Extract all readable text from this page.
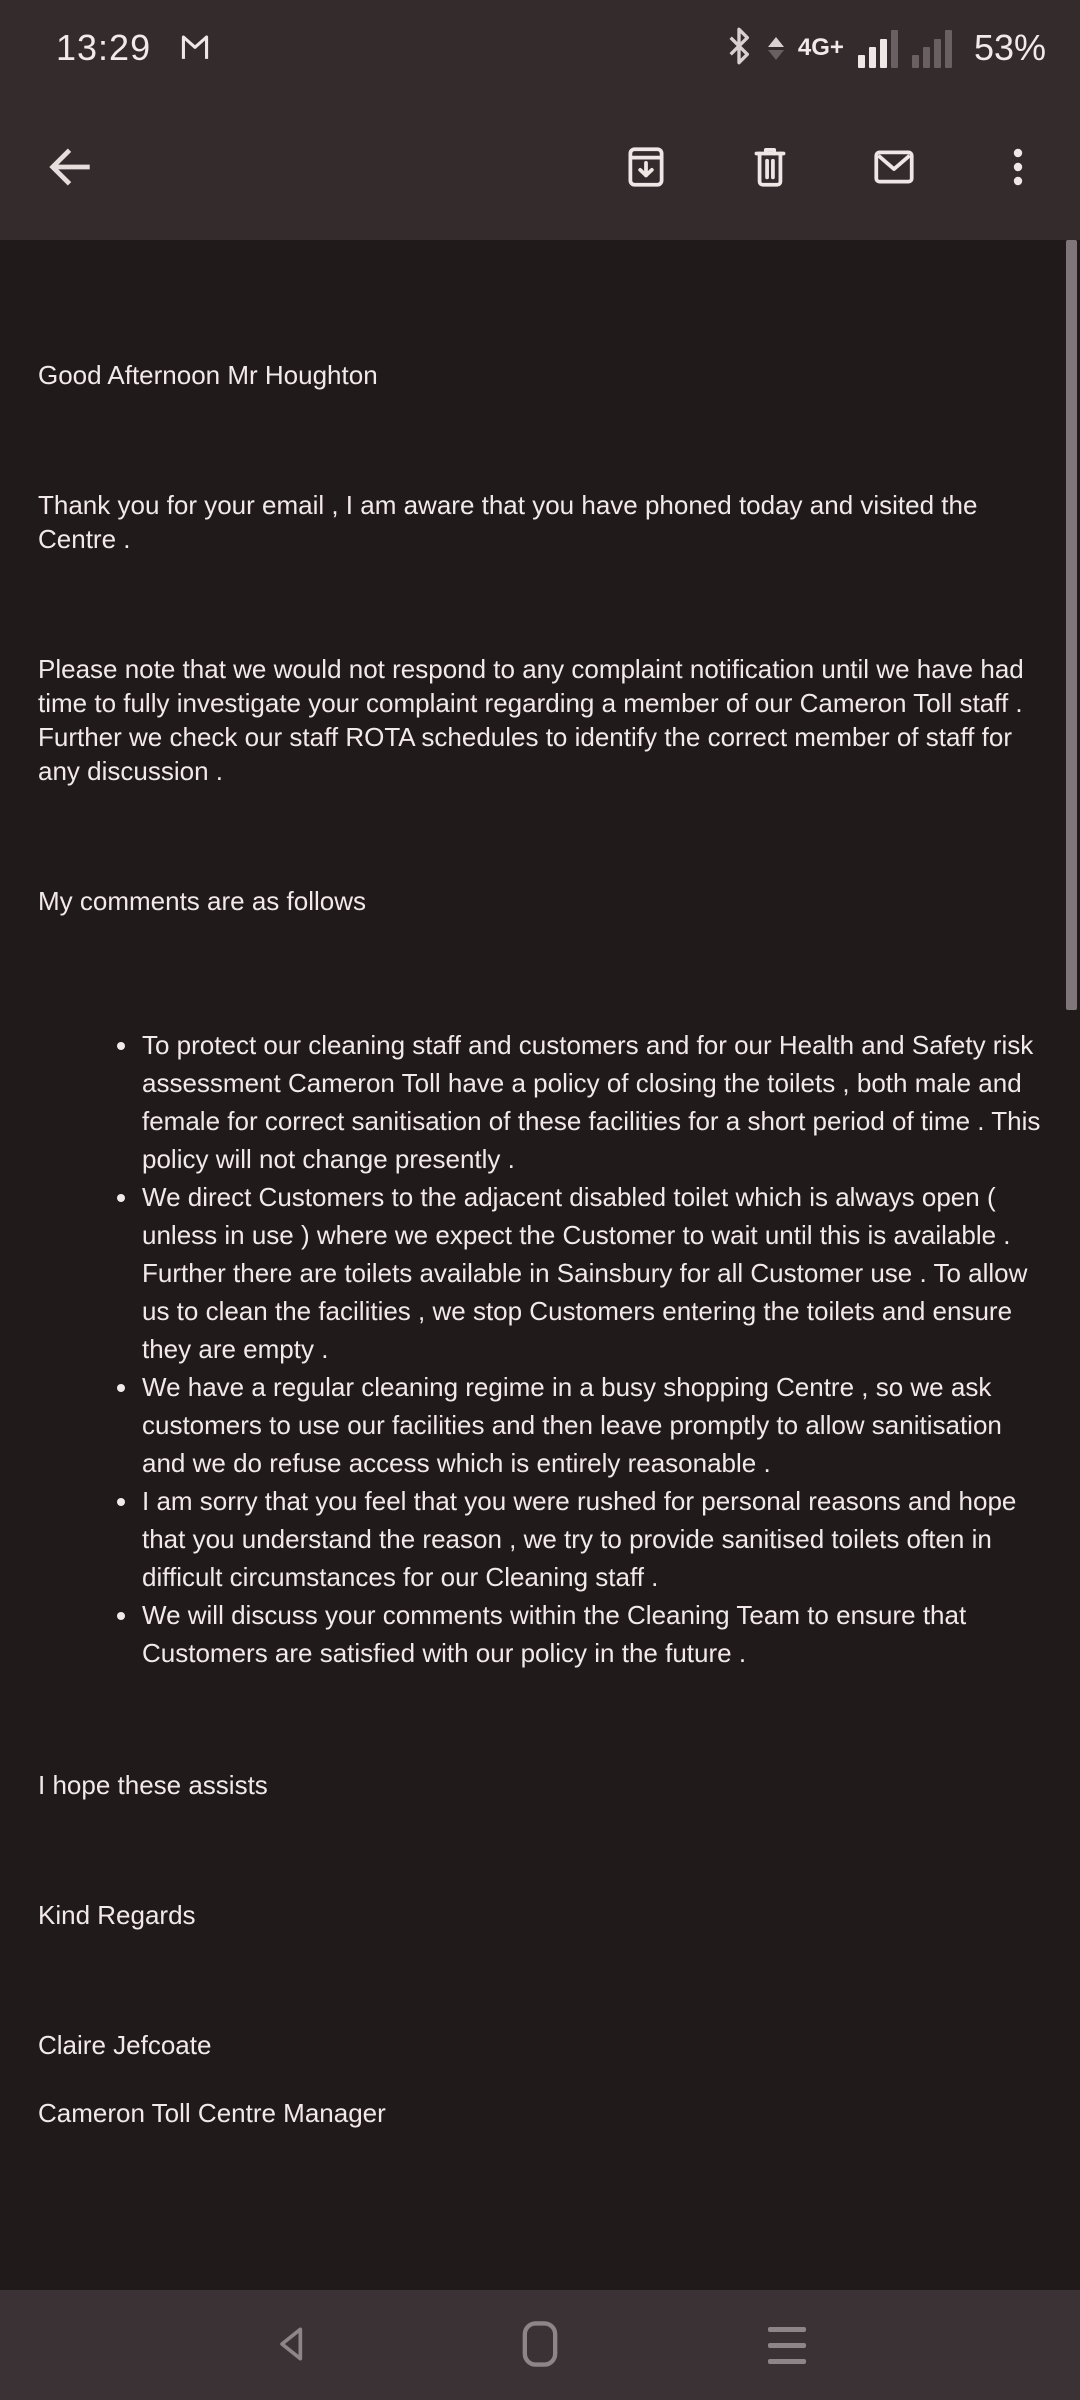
13:29	4G+	53%

Good Afternoon Mr Houghton

Thank you for your email , I am aware that you have phoned today and visited the Centre .

Please note that we would not respond to any complaint notification until we have had time to fully investigate your complaint regarding a member of our Cameron Toll staff . Further we check our staff ROTA schedules to identify the correct member of staff for any discussion .

My comments are as follows

• To protect our cleaning staff and customers and for our Health and Safety risk assessment Cameron Toll have a policy of closing the toilets , both male and female for correct sanitisation of these facilities for a short period of time . This policy will not change presently .
• We direct Customers to the adjacent disabled toilet which is always open ( unless in use ) where we expect the Customer to wait until this is available . Further there are toilets available in Sainsbury for all Customer use . To allow us to clean the facilities , we stop Customers entering the toilets and ensure they are empty .
• We have a regular cleaning regime in a busy shopping Centre , so we ask customers to use our facilities and then leave promptly to allow sanitisation and we do refuse access which is entirely reasonable .
• I am sorry that you feel that you were rushed for personal reasons and hope that you understand the reason , we try to provide sanitised toilets often in difficult circumstances for our Cleaning staff .
• We will discuss your comments within the Cleaning Team to ensure that Customers are satisfied with our policy in the future .

I hope these assists

Kind Regards

Claire Jefcoate

Cameron Toll Centre Manager
